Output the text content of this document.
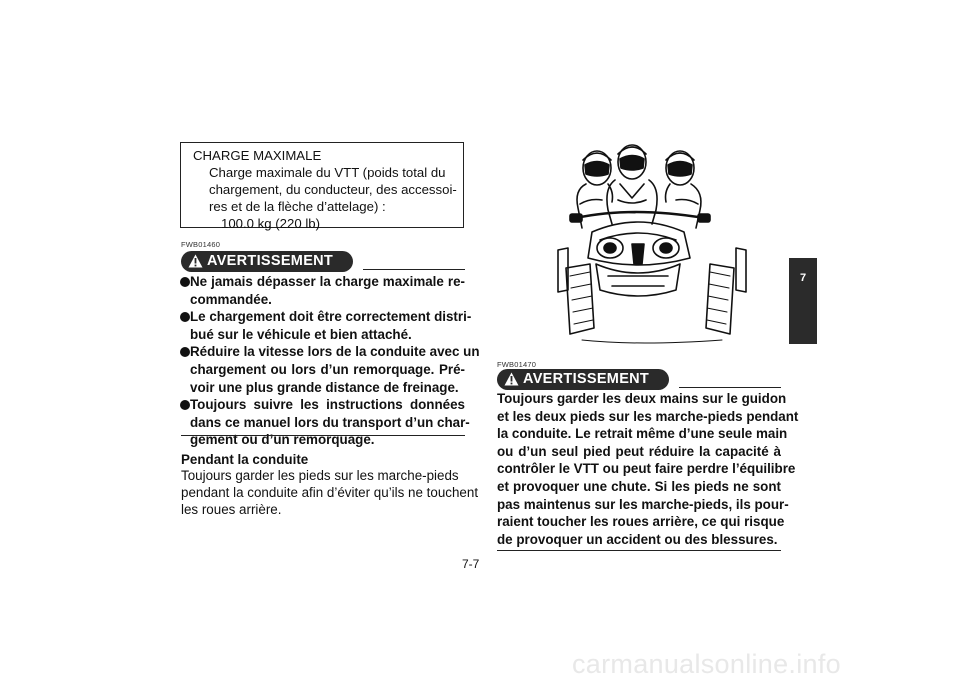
CHARGE MAXIMALE
Charge maximale du VTT (poids total du
chargement, du conducteur, des accessoi-
res et de la flèche d’attelage) :
100.0 kg (220 lb)
FWB01460
AVERTISSEMENT
Ne jamais dépasser la charge maximale re-
commandée.
Le chargement doit être correctement distri-
bué sur le véhicule et bien attaché.
Réduire la vitesse lors de la conduite avec un
chargement ou lors d’un remorquage. Pré-
voir une plus grande distance de freinage.
Toujours suivre les instructions données
dans ce manuel lors du transport d’un char-
gement ou d’un remorquage.
Pendant la conduite
Toujours garder les pieds sur les marche-pieds
pendant la conduite afin d’éviter qu’ils ne touchent
les roues arrière.
FWB01470
AVERTISSEMENT
Toujours garder les deux mains sur le guidon
et les deux pieds sur les marche-pieds pendant
la conduite. Le retrait même d’une seule main
ou d’un seul pied peut réduire la capacité à
contrôler le VTT ou peut faire perdre l’équilibre
et provoquer une chute. Si les pieds ne sont
pas maintenus sur les marche-pieds, ils pour-
raient toucher les roues arrière, ce qui risque
de provoquer un accident ou des blessures.
7
7-7
carmanualsonline.info
